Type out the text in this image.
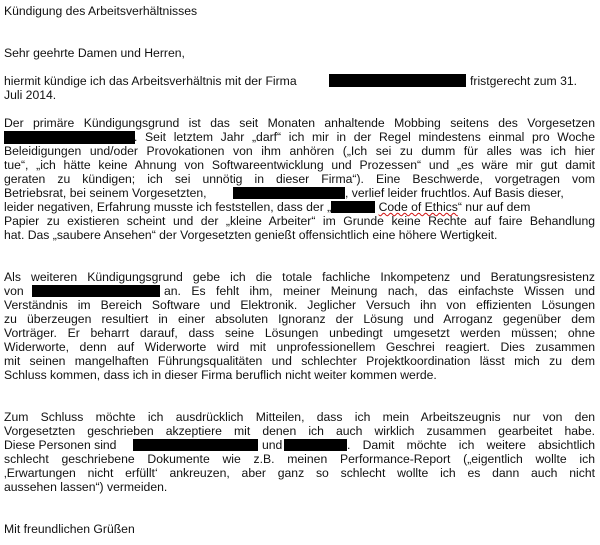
Kündigung des Arbeitsverhältnisses
Sehr geehrte Damen und Herren,
hiermit kündige ich das Arbeitsverhältnis mit der Firma	fristgerecht zum 31.
Juli 2014.
Der primäre Kündigungsgrund ist das seit Monaten anhaltende Mobbing seitens des Vorgesetzen
. Seit letztem Jahr „darf“ ich mir in der Regel mindestens einmal pro Woche
Beleidigungen und/oder Provokationen von ihm anhören („Ich sei zu dumm für alles was ich hier
tue“, „ich hätte keine Ahnung von Softwareentwicklung und Prozessen“ und „es wäre mir gut damit
geraten zu kündigen; ich sei unnötig in dieser Firma“). Eine Beschwerde, vorgetragen vom
Betriebsrat, bei seinem Vorgesetzten,	, verlief leider fruchtlos. Auf Basis dieser,
leider negativen, Erfahrung musste ich feststellen, dass der „	Code of Ethics“ nur auf dem
Papier zu existieren scheint und der „kleine Arbeiter“ im Grunde keine Rechte auf faire Behandlung
hat. Das „saubere Ansehen“ der Vorgesetzten genießt offensichtlich eine höhere Wertigkeit.
Als weiteren Kündigungsgrund gebe ich die totale fachliche Inkompetenz und Beratungsresistenz
von	an. Es fehlt ihm, meiner Meinung nach, das einfachste Wissen und
Verständnis im Bereich Software und Elektronik. Jeglicher Versuch ihn von effizienten Lösungen
zu überzeugen resultiert in einer absoluten Ignoranz der Lösung und Arroganz gegenüber dem
Vorträger. Er beharrt darauf, dass seine Lösungen unbedingt umgesetzt werden müssen; ohne
Widerworte, denn auf Widerworte wird mit unprofessionellem Geschrei reagiert. Dies zusammen
mit seinen mangelhaften Führungsqualitäten und schlechter Projektkoordination lässt mich zu dem
Schluss kommen, dass ich in dieser Firma beruflich nicht weiter kommen werde.
Zum Schluss möchte ich ausdrücklich Mitteilen, dass ich mein Arbeitszeugnis nur von den
Vorgesetzten geschrieben akzeptiere mit denen ich auch wirklich zusammen gearbeitet habe.
Diese Personen sind	und	. Damit möchte ich weitere absichtlich
schlecht geschriebene Dokumente wie z.B. meinen Performance-Report („eigentlich wollte ich
‚Erwartungen nicht erfüllt‘ ankreuzen, aber ganz so schlecht wollte ich es dann auch nicht
aussehen lassen“) vermeiden.
Mit freundlichen Grüßen
